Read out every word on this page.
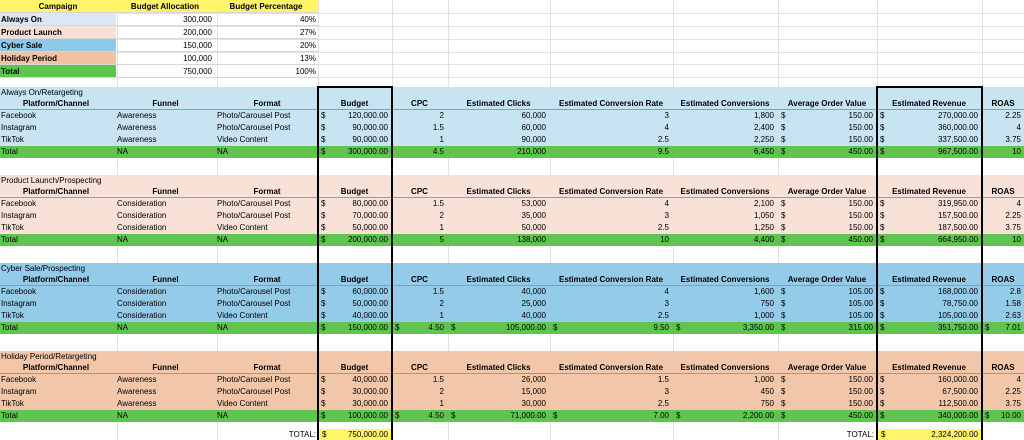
Campaign	Budget Allocation	Budget Percentage
Always On	300,000	40%
Product Launch	200,000	27%
Cyber Sale	150,000	20%
Holiday Period	100,000	13%
Total	750,000	100%
Always On/Retargeting
Platform/Channel	Funnel	Format	Budget	CPC	Estimated Clicks	Estimated Conversion Rate	Estimated Conversions	Average Order Value	Estimated Revenue	ROAS
Facebook	Awareness	Photo/Carousel Post	$	120,000.00	2	60,000	3	1,800 $	150.00 $	270,000.00	2.25
Instagram	Awareness	Photo/Carousel Post	$	90,000.00	1.5	60,000	4	2,400 $	150.00 $	360,000.00	4
TikTok	Awareness	Video Content	$	90,000.00	1	90,000	2.5	2,250 $	150.00 $	337,500.00	3.75
Total	NA	NA	$	300,000.00	4.5	210,000	9.5	6,450 $	450.00 $	967,500.00	10
Product Launch/Prospecting
Platform/Channel	Funnel	Format	Budget	CPC	Estimated Clicks	Estimated Conversion Rate	Estimated Conversions	Average Order Value	Estimated Revenue	ROAS
Facebook	Consideration	Photo/Carousel Post	$	80,000.00	1.5	53,000	4	2,100 $	150.00 $	319,950.00	4
Instagram	Consideration	Photo/Carousel Post	$	70,000.00	2	35,000	3	1,050 $	150.00 $	157,500.00	2.25
TikTok	Consideration	Video Content	$	50,000.00	1	50,000	2.5	1,250 $	150.00 $	187,500.00	3.75
Total	NA	NA	$	200,000.00	5	138,000	10	4,400 $	450.00 $	664,950.00	10
Cyber Sale/Prospecting
Platform/Channel	Funnel	Format	Budget	CPC	Estimated Clicks	Estimated Conversion Rate	Estimated Conversions	Average Order Value	Estimated Revenue	ROAS
Facebook	Consideration	Photo/Carousel Post	$	60,000.00	1.5	40,000	4	1,600 $	105.00 $	168,000.00	2.8
Instagram	Consideration	Photo/Carousel Post	$	50,000.00	2	25,000	3	750 $	105.00 $	78,750.00	1.58
TikTok	Consideration	Video Content	$	40,000.00	1	40,000	2.5	1,000 $	105.00 $	105,000.00	2.63
Total	NA	NA	$	150,000.00 $	4.50 $	105,000.00 $	9.50 $	3,350.00 $	315.00 $	351,750.00 $ 7.01
Holiday Period/Retargeting
Platform/Channel	Funnel	Format	Budget	CPC	Estimated Clicks	Estimated Conversion Rate	Estimated Conversions	Average Order Value	Estimated Revenue	ROAS
Facebook	Awareness	Photo/Carousel Post	$	40,000.00	1.5	26,000	1.5	1,000 $	150.00 $	160,000.00	4
Instagram	Awareness	Photo/Carousel Post	$	30,000.00	2	15,000	3	450 $	150.00 $	67,500.00	2.25
TikTok	Awareness	Video Content	$	30,000.00	1	30,000	2.5	750 $	150.00 $	112,500.00	3.75
Total	NA	NA	$	100,000.00 $	4.50 $	71,000.00 $	7.00 $	2,200.00 $	450.00 $	340,000.00 $ 10.00
TOTAL: $	750,000.00	TOTAL: $	2,324,200.00
